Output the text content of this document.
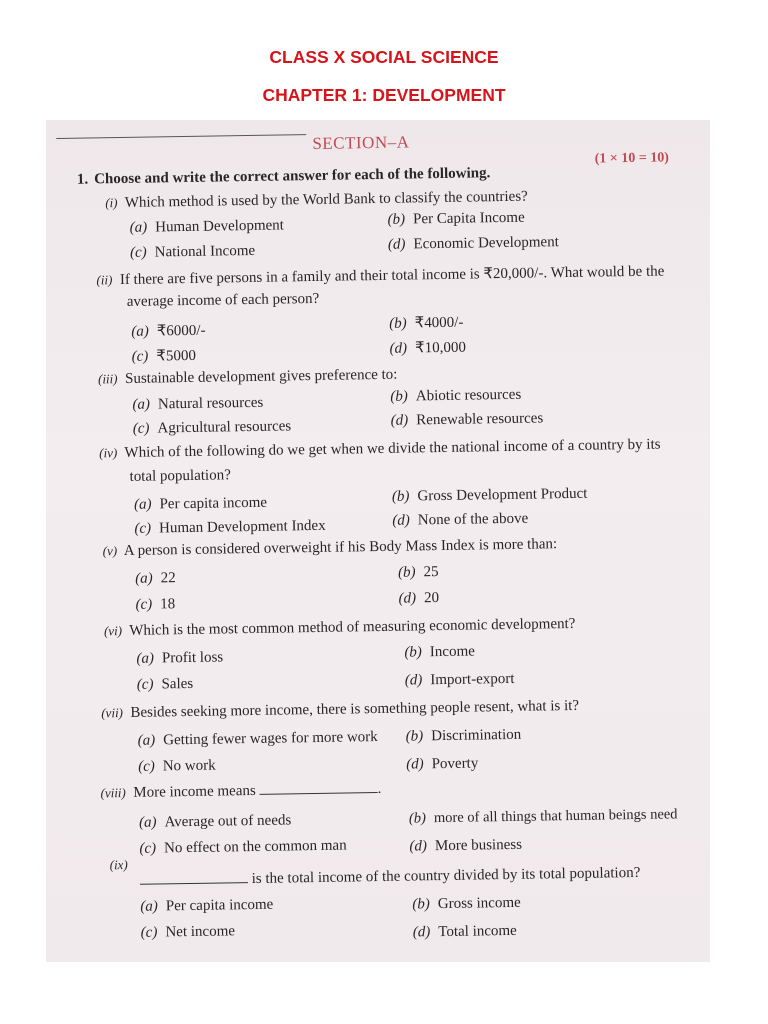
CLASS X SOCIAL SCIENCE
CHAPTER 1: DEVELOPMENT
SECTION–A
(1 × 10 = 10)
1. Choose and write the correct answer for each of the following.
(i) Which method is used by the World Bank to classify the countries?
(a) Human Development	(b) Per Capita Income
(c) National Income	(d) Economic Development
(ii) If there are five persons in a family and their total income is ₹20,000/-. What would be the
average income of each person?
(a) ₹6000/-	(b) ₹4000/-
(c) ₹5000	(d) ₹10,000
(iii) Sustainable development gives preference to:
(a) Natural resources	(b) Abiotic resources
(c) Agricultural resources	(d) Renewable resources
(iv) Which of the following do we get when we divide the national income of a country by its
total population?
(a) Per capita income	(b) Gross Development Product
(c) Human Development Index	(d) None of the above
(v) A person is considered overweight if his Body Mass Index is more than:
(a) 22	(b) 25
(c) 18	(d) 20
(vi) Which is the most common method of measuring economic development?
(a) Profit loss	(b) Income
(c) Sales	(d) Import-export
(vii) Besides seeking more income, there is something people resent, what is it?
(a) Getting fewer wages for more work (b) Discrimination
(c) No work	(d) Poverty
(viii) More income means	.
(a) Average out of needs	(b) more of all things that human beings need
(c) No effect on the common man	(d) More business
(ix)
is the total income of the country divided by its total population?
(a) Per capita income	(b) Gross income
(c) Net income	(d) Total income
